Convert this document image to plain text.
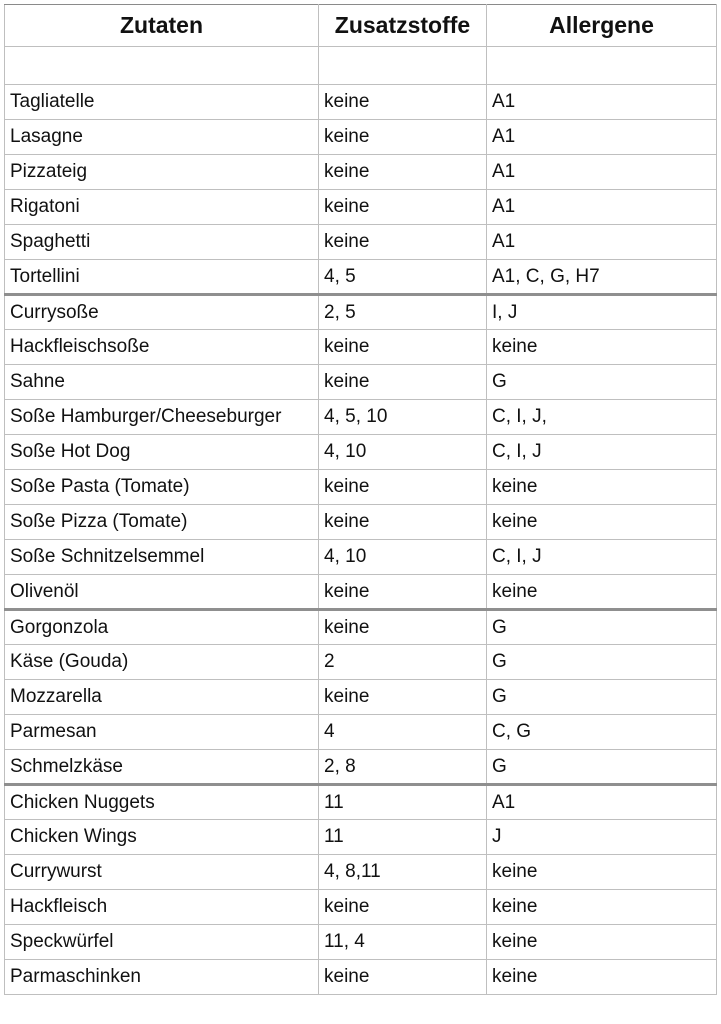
Zutaten	Zusatzstoffe	Allergene

Tagliatelle	keine	A1
Lasagne	keine	A1
Pizzateig	keine	A1
Rigatoni	keine	A1
Spaghetti	keine	A1
Tortellini	4, 5	A1, C, G, H7
Currysoße	2, 5	I, J
Hackfleischsoße	keine	keine
Sahne	keine	G
Soße Hamburger/Cheeseburger	4, 5, 10	C, I, J,
Soße Hot Dog	4, 10	C, I, J
Soße Pasta (Tomate)	keine	keine
Soße Pizza (Tomate)	keine	keine
Soße Schnitzelsemmel	4, 10	C, I, J
Olivenöl	keine	keine
Gorgonzola	keine	G
Käse (Gouda)	2	G
Mozzarella	keine	G
Parmesan	4	C, G
Schmelzkäse	2, 8	G
Chicken Nuggets	11	A1
Chicken Wings	11	J
Currywurst	4, 8,11	keine
Hackfleisch	keine	keine
Speckwürfel	11, 4	keine
Parmaschinken	keine	keine
